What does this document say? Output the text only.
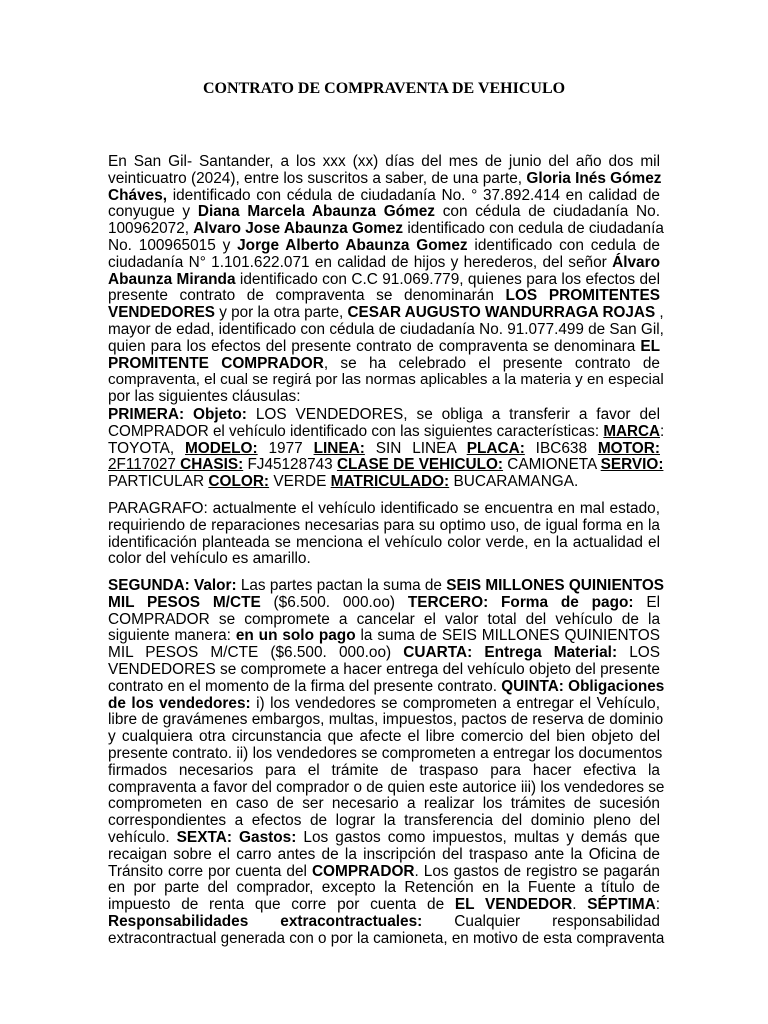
CONTRATO DE COMPRAVENTA DE VEHICULO
En San Gil- Santander, a los xxx (xx) días del mes de junio del año dos mil
veinticuatro (2024), entre los suscritos a saber, de una parte, Gloria Inés Gómez
Cháves, identificado con cédula de ciudadanía No. ° 37.892.414 en calidad de
conyugue y Diana Marcela Abaunza Gómez con cédula de ciudadanía No.
100962072, Alvaro Jose Abaunza Gomez identificado con cedula de ciudadanía
No. 100965015 y Jorge Alberto Abaunza Gomez identificado con cedula de
ciudadanía N° 1.101.622.071 en calidad de hijos y herederos, del señor Álvaro
Abaunza Miranda identificado con C.C 91.069.779, quienes para los efectos del
presente contrato de compraventa se denominarán LOS PROMITENTES
VENDEDORES y por la otra parte, CESAR AUGUSTO WANDURRAGA ROJAS ,
mayor de edad, identificado con cédula de ciudadanía No. 91.077.499 de San Gil,
quien para los efectos del presente contrato de compraventa se denominara EL
PROMITENTE COMPRADOR, se ha celebrado el presente contrato de
compraventa, el cual se regirá por las normas aplicables a la materia y en especial
por las siguientes cláusulas:
PRIMERA: Objeto: LOS VENDEDORES, se obliga a transferir a favor del
COMPRADOR el vehículo identificado con las siguientes características: MARCA:
TOYOTA, MODELO: 1977 LINEA: SIN LINEA PLACA: IBC638 MOTOR:
2F117027 CHASIS: FJ45128743 CLASE DE VEHICULO: CAMIONETA SERVIO:
PARTICULAR COLOR: VERDE MATRICULADO: BUCARAMANGA.
PARAGRAFO: actualmente el vehículo identificado se encuentra en mal estado,
requiriendo de reparaciones necesarias para su optimo uso, de igual forma en la
identificación planteada se menciona el vehículo color verde, en la actualidad el
color del vehículo es amarillo.
SEGUNDA: Valor: Las partes pactan la suma de SEIS MILLONES QUINIENTOS
MIL PESOS M/CTE ($6.500. 000.oo) TERCERO: Forma de pago: El
COMPRADOR se compromete a cancelar el valor total del vehículo de la
siguiente manera: en un solo pago la suma de SEIS MILLONES QUINIENTOS
MIL PESOS M/CTE ($6.500. 000.oo) CUARTA: Entrega Material: LOS
VENDEDORES se compromete a hacer entrega del vehículo objeto del presente
contrato en el momento de la firma del presente contrato. QUINTA: Obligaciones
de los vendedores: i) los vendedores se comprometen a entregar el Vehículo,
libre de gravámenes embargos, multas, impuestos, pactos de reserva de dominio
y cualquiera otra circunstancia que afecte el libre comercio del bien objeto del
presente contrato. ii) los vendedores se comprometen a entregar los documentos
firmados necesarios para el trámite de traspaso para hacer efectiva la
compraventa a favor del comprador o de quien este autorice iii) los vendedores se
comprometen en caso de ser necesario a realizar los trámites de sucesión
correspondientes a efectos de lograr la transferencia del dominio pleno del
vehículo. SEXTA: Gastos: Los gastos como impuestos, multas y demás que
recaigan sobre el carro antes de la inscripción del traspaso ante la Oficina de
Tránsito corre por cuenta del COMPRADOR. Los gastos de registro se pagarán
en por parte del comprador, excepto la Retención en la Fuente a título de
impuesto de renta que corre por cuenta de EL VENDEDOR. SÉPTIMA:
Responsabilidades extracontractuales: Cualquier responsabilidad
extracontractual generada con o por la camioneta, en motivo de esta compraventa
